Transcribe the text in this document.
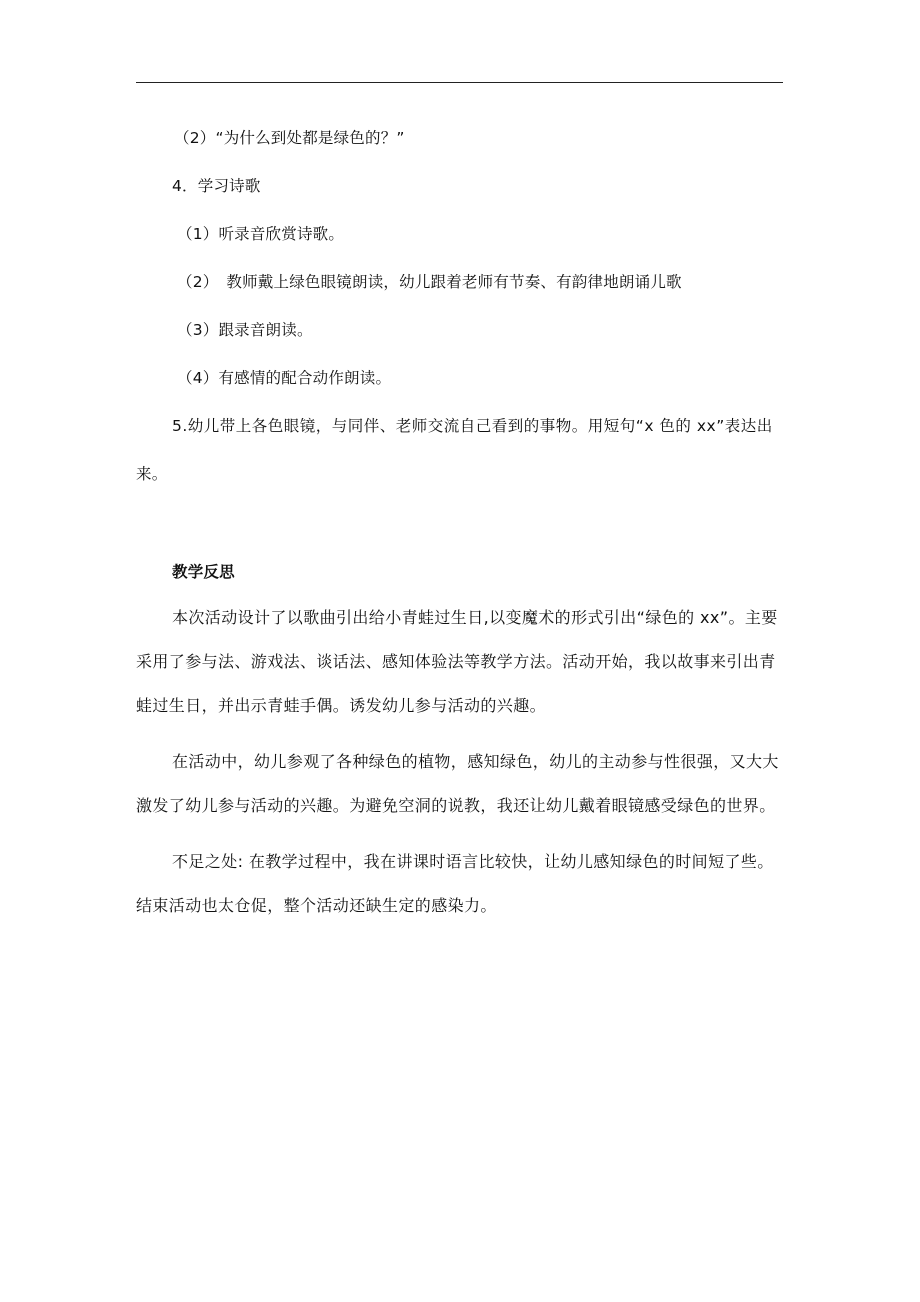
（2）“为什么到处都是绿色的？”
4．学习诗歌
（1）听录音欣赏诗歌。
（2）　教师戴上绿色眼镜朗读，幼儿跟着老师有节奏、有韵律地朗诵儿歌
（3）跟录音朗读。
（4）有感情的配合动作朗读。
5.幼儿带上各色眼镜，与同伴、老师交流自己看到的事物。用短句“x 色的 xx”表达出
来。
教学反思
本次活动设计了以歌曲引出给小青蛙过生日,以变魔术的形式引出“绿色的 xx”。主要采用了参与法、游戏法、谈话法、感知体验法等教学方法。活动开始，我以故事来引出青蛙过生日，并出示青蛙手偶。诱发幼儿参与活动的兴趣。
在活动中，幼儿参观了各种绿色的植物，感知绿色，幼儿的主动参与性很强，又大大激发了幼儿参与活动的兴趣。为避免空洞的说教，我还让幼儿戴着眼镜感受绿色的世界。
不足之处: 在教学过程中，我在讲课时语言比较快，让幼儿感知绿色的时间短了些。结束活动也太仓促，整个活动还缺生定的感染力。
